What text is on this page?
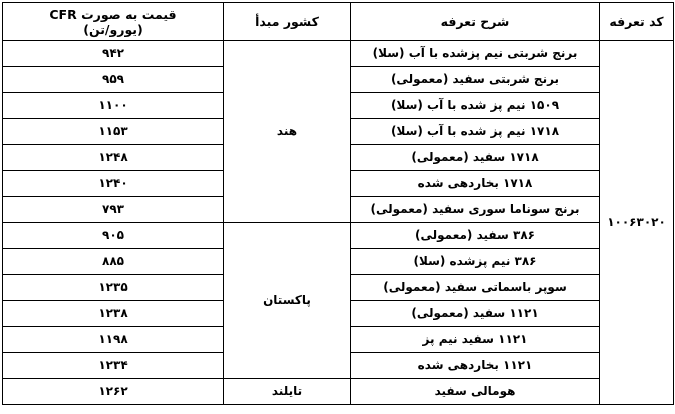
کد تعرفه	شرح تعرفه	کشور مبدأ	قیمت به صورت CFR
(یورو/تن)

۱۰۰۶۳۰۲۰	برنج شربتی نیم پزشده با آب (سلا)	هند	۹۴۲
	برنج شربتی سفید (معمولی)		۹۵۹
	۱۵۰۹ نیم پز شده با آب (سلا)		۱۱۰۰
	۱۷۱۸ نیم پز شده با آب (سلا)		۱۱۵۳
	۱۷۱۸ سفید (معمولی)		۱۲۴۸
	۱۷۱۸ بخاردهی شده		۱۲۴۰
	برنج سوناما سوری سفید (معمولی)		۷۹۳
	۳۸۶ سفید (معمولی)	پاکستان	۹۰۵
	۳۸۶ نیم پزشده (سلا)		۸۸۵
	سوپر باسماتی سفید (معمولی)		۱۲۳۵
	۱۱۲۱ سفید (معمولی)		۱۲۳۸
	۱۱۲۱ سفید نیم پز		۱۱۹۸
	۱۱۲۱ بخاردهی شده		۱۲۳۴
	هومالی سفید	تایلند	۱۲۶۲
